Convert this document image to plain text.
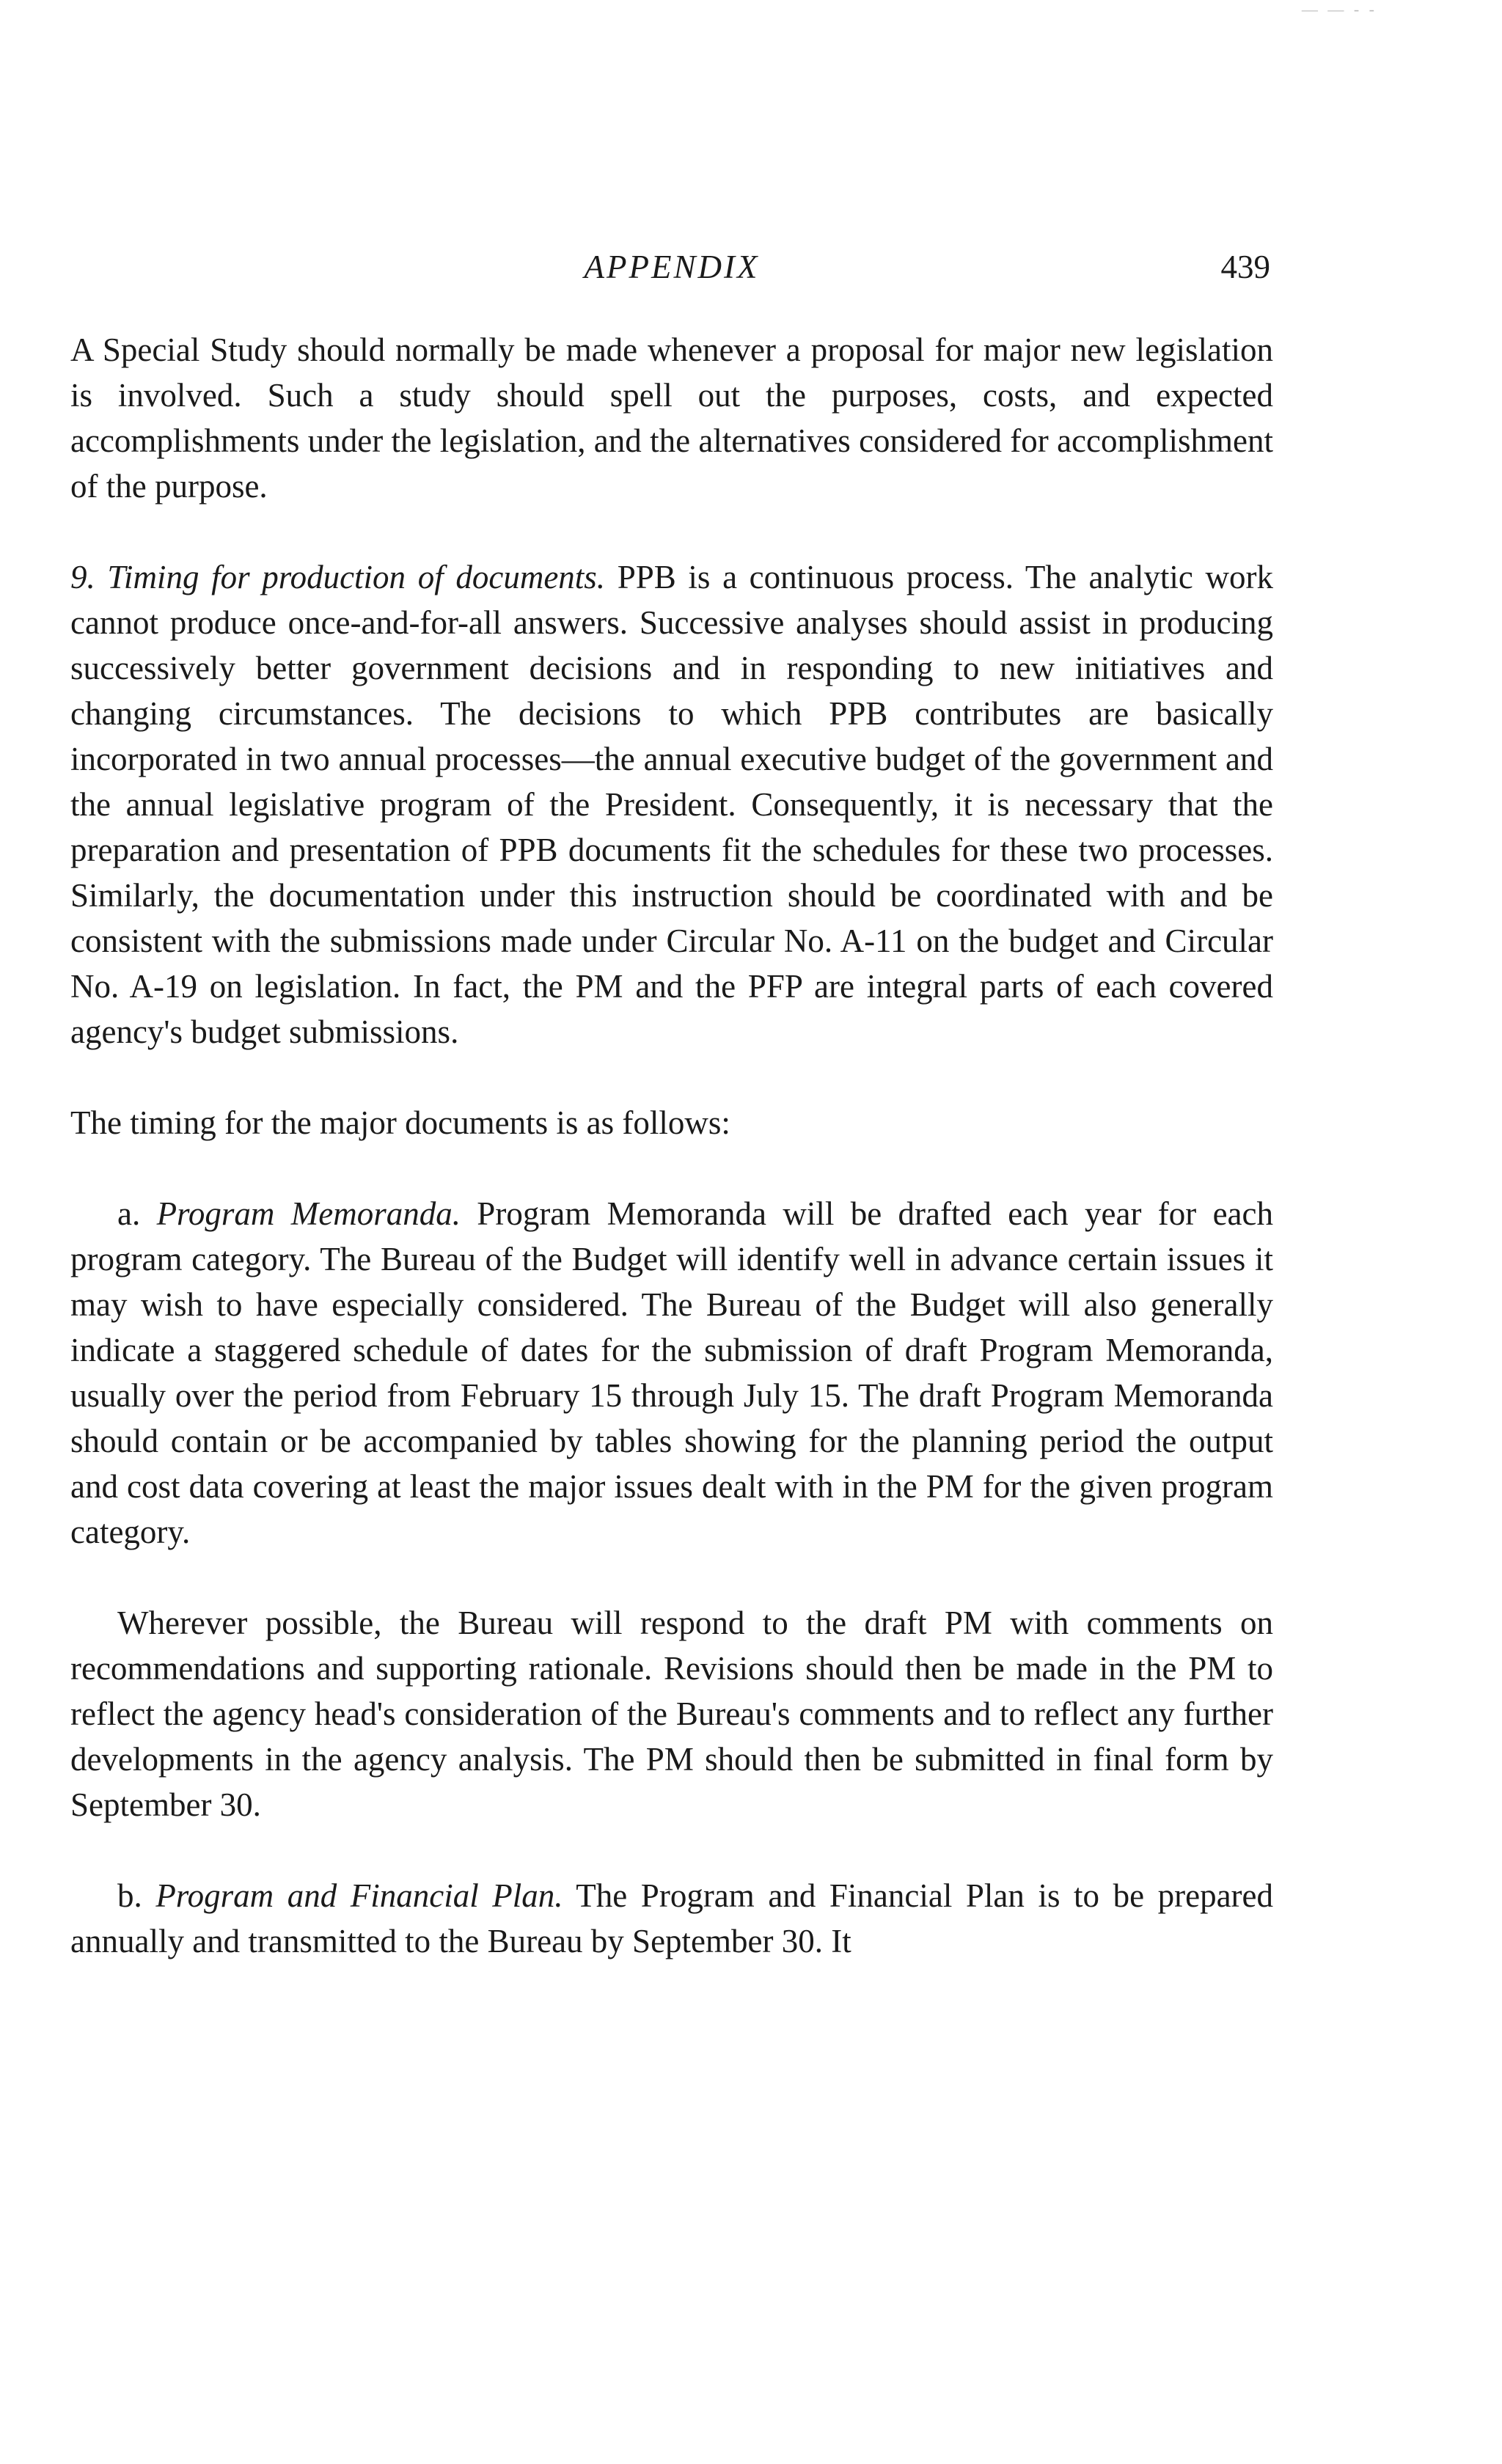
— — - -
APPENDIX	439

A Special Study should normally be made whenever a proposal for major new legislation is involved. Such a study should spell out the purposes, costs, and expected accomplishments under the legislation, and the alternatives considered for accomplishment of the purpose.

9. Timing for production of documents. PPB is a continuous process. The analytic work cannot produce once-and-for-all answers. Successive analyses should assist in producing successively better government decisions and in responding to new initiatives and changing circumstances. The decisions to which PPB contributes are basically incorporated in two annual processes—the annual executive budget of the government and the annual legislative program of the President. Consequently, it is necessary that the preparation and presentation of PPB documents fit the schedules for these two processes. Similarly, the documentation under this instruction should be coordinated with and be consistent with the submissions made under Circular No. A-11 on the budget and Circular No. A-19 on legislation. In fact, the PM and the PFP are integral parts of each covered agency's budget submissions.

The timing for the major documents is as follows:

a. Program Memoranda. Program Memoranda will be drafted each year for each program category. The Bureau of the Budget will identify well in advance certain issues it may wish to have especially considered. The Bureau of the Budget will also generally indicate a staggered schedule of dates for the submission of draft Program Memoranda, usually over the period from February 15 through July 15. The draft Program Memoranda should contain or be accompanied by tables showing for the planning period the output and cost data covering at least the major issues dealt with in the PM for the given program category.

Wherever possible, the Bureau will respond to the draft PM with comments on recommendations and supporting rationale. Revisions should then be made in the PM to reflect the agency head's consideration of the Bureau's comments and to reflect any further developments in the agency analysis. The PM should then be submitted in final form by September 30.

b. Program and Financial Plan. The Program and Financial Plan is to be prepared annually and transmitted to the Bureau by September 30. It
